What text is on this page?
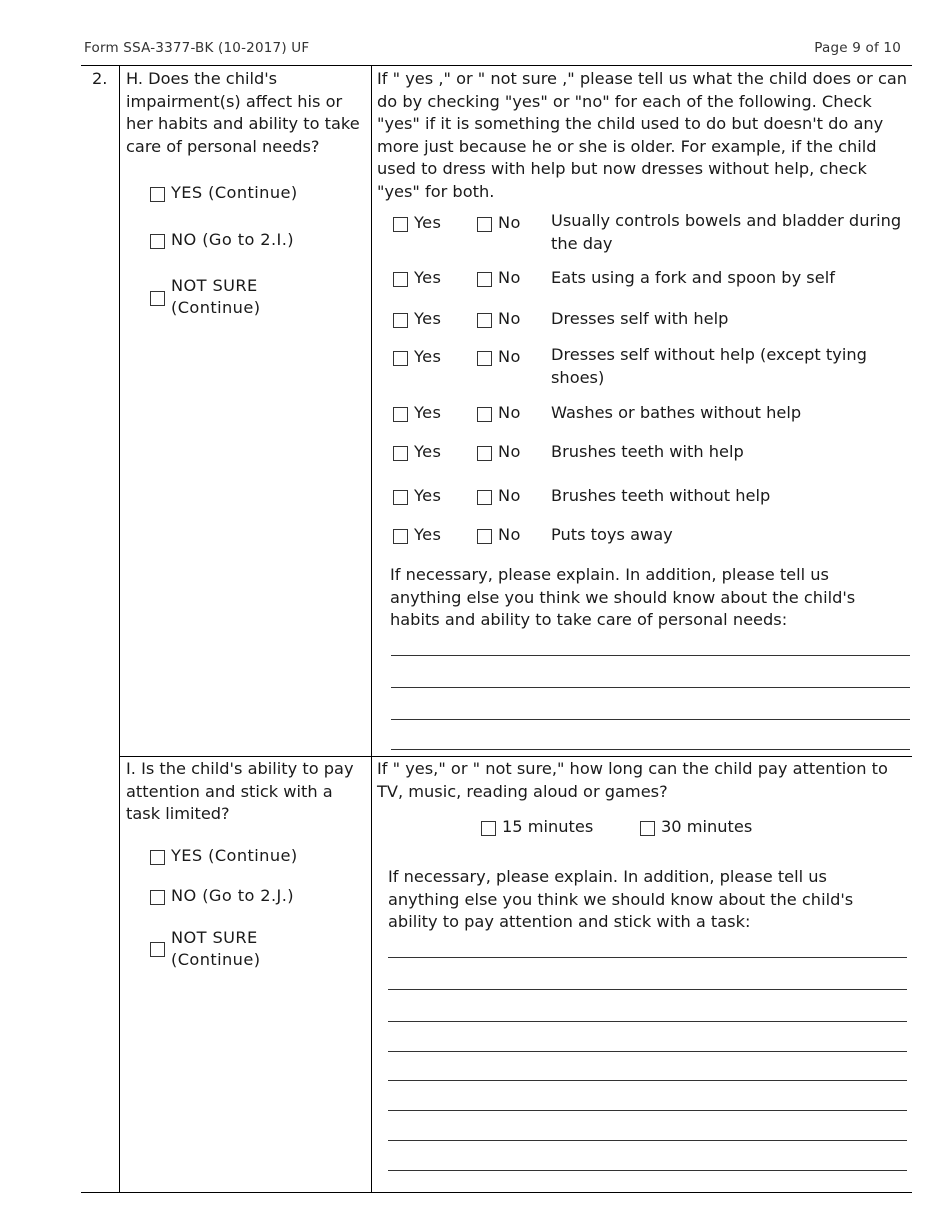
Form SSA-3377-BK (10-2017) UF	Page 9 of 10
2. H. Does the child's impairment(s) affect his or her habits and ability to take care of personal needs?
YES (Continue)
NO (Go to 2.I.)
NOT SURE
(Continue)
If " yes ," or " not sure ," please tell us what the child does or can do by checking "yes" or "no" for each of the following. Check "yes" if it is something the child used to do but doesn't do any more just because he or she is older. For example, if the child used to dress with help but now dresses without help, check "yes" for both.
Yes	No Usually controls bowels and bladder during the day
Yes	No Eats using a fork and spoon by self
Yes	No Dresses self with help
Yes	No Dresses self without help (except tying shoes)
Yes	No Washes or bathes without help
Yes	No Brushes teeth with help
Yes	No Brushes teeth without help
Yes	No Puts toys away
If necessary, please explain. In addition, please tell us anything else you think we should know about the child's habits and ability to take care of personal needs:
I. Is the child's ability to pay attention and stick with a task limited?
YES (Continue)
NO (Go to 2.J.)
NOT SURE
(Continue)
If " yes," or " not sure," how long can the child pay attention to TV, music, reading aloud or games?
15 minutes	30 minutes
If necessary, please explain. In addition, please tell us anything else you think we should know about the child's ability to pay attention and stick with a task:
